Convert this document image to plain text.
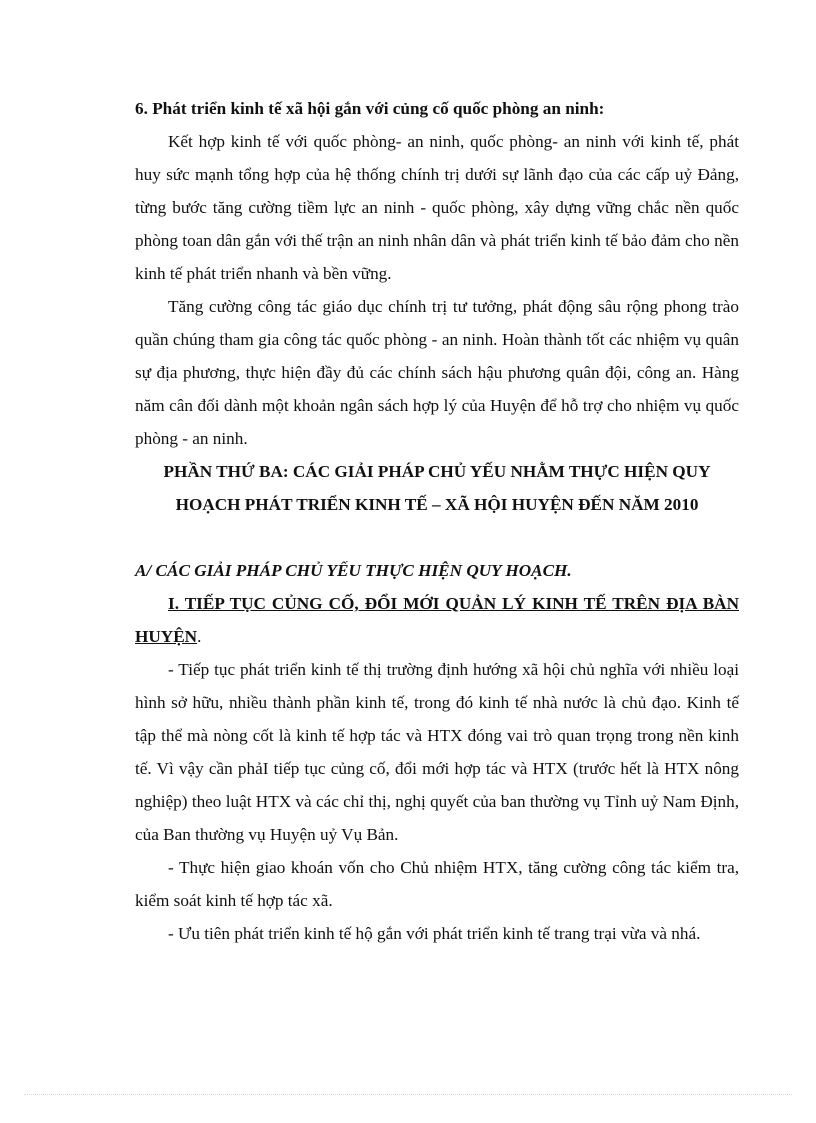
6. Phát triển kinh tế xã hội gắn với củng cố quốc phòng an ninh:

Kết hợp kinh tế với quốc phòng- an ninh, quốc phòng- an ninh với kinh tế, phát huy sức mạnh tổng hợp của hệ thống chính trị dưới sự lãnh đạo của các cấp uỷ Đảng, từng bước tăng cường tiềm lực an ninh - quốc phòng, xây dựng vững chắc nền quốc phòng toan dân gắn với thế trận an ninh nhân dân và phát triển kinh tế bảo đảm cho nền kinh tế phát triển nhanh và bền vững.

Tăng cường công tác giáo dục chính trị tư tưởng, phát động sâu rộng phong trào quần chúng tham gia công tác quốc phòng - an ninh. Hoàn thành tốt các nhiệm vụ quân sự địa phương, thực hiện đầy đủ các chính sách hậu phương quân đội, công an. Hàng năm cân đối dành một khoản ngân sách hợp lý của Huyện để hỗ trợ cho nhiệm vụ quốc phòng - an ninh.

PHẦN THỨ BA: CÁC GIẢI PHÁP CHỦ YẾU NHẰM THỰC HIỆN QUY

HOẠCH PHÁT TRIỂN KINH TẾ – XÃ HỘI HUYỆN ĐẾN NĂM 2010

A/ CÁC GIẢI PHÁP CHỦ YẾU THỰC HIỆN QUY HOẠCH.

I. TIẾP TỤC CỦNG CỐ, ĐỔI MỚI QUẢN LÝ KINH TẾ TRÊN ĐỊA BÀN HUYỆN.

- Tiếp tục phát triển kinh tế thị trường định hướng xã hội chủ nghĩa với nhiều loại hình sở hữu, nhiều thành phần kinh tế, trong đó kinh tế nhà nước là chủ đạo. Kinh tế tập thể mà nòng cốt là kinh tế hợp tác và HTX đóng vai trò quan trọng trong nền kinh tế. Vì vậy cần phảI tiếp tục củng cố, đổi mới hợp tác và HTX (trước hết là HTX nông nghiệp) theo luật HTX và các chỉ thị, nghị quyết của ban thường vụ Tỉnh uỷ Nam Định, của Ban thường vụ Huyện uỷ Vụ Bản.

- Thực hiện giao khoán vốn cho Chủ nhiệm HTX, tăng cường công tác kiểm tra, kiểm soát kinh tế hợp tác xã.

- Ưu tiên phát triển kinh tế hộ gắn với phát triển kinh tế trang trại vừa và nhá.
